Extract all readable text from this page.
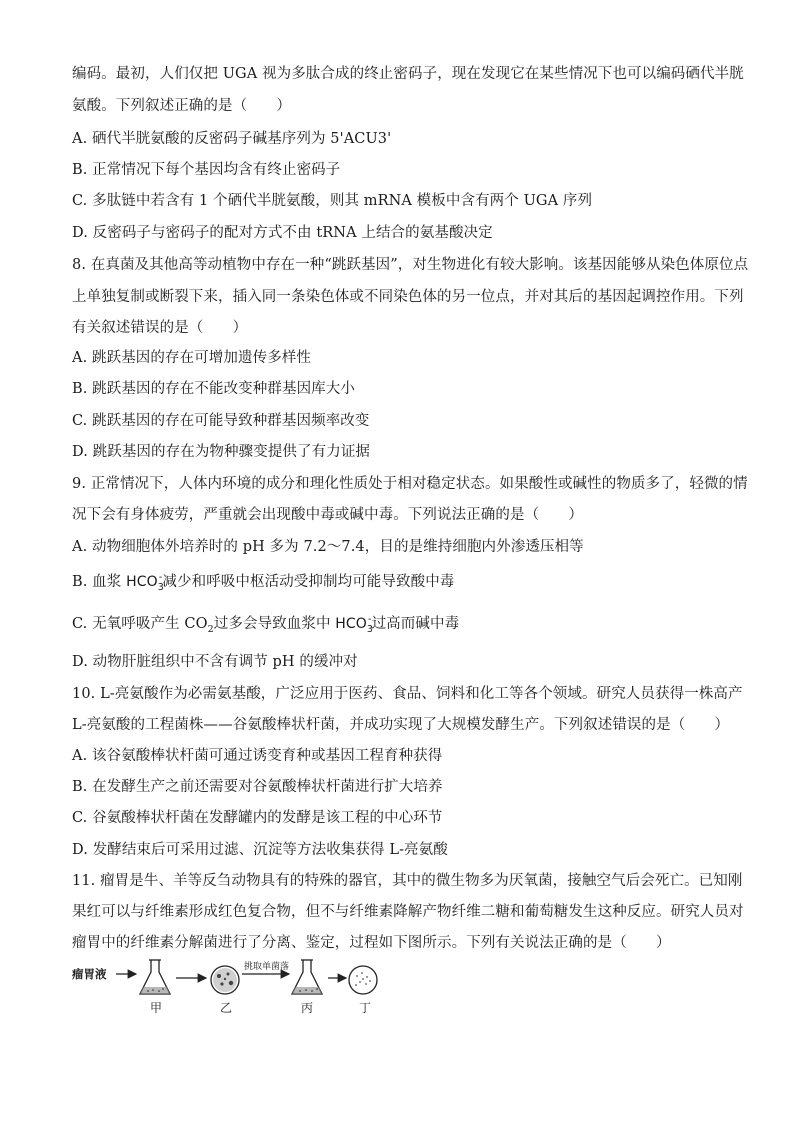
编码。最初，人们仅把 UGA 视为多肽合成的终止密码子，现在发现它在某些情况下也可以编码硒代半胱
氨酸。下列叙述正确的是（　　）
A. 硒代半胱氨酸的反密码子碱基序列为 5'ACU3'
B. 正常情况下每个基因均含有终止密码子
C. 多肽链中若含有 1 个硒代半胱氨酸，则其 mRNA 模板中含有两个 UGA 序列
D. 反密码子与密码子的配对方式不由 tRNA 上结合的氨基酸决定
8. 在真菌及其他高等动植物中存在一种“跳跃基因”，对生物进化有较大影响。该基因能够从染色体原位点
上单独复制或断裂下来，插入同一条染色体或不同染色体的另一位点，并对其后的基因起调控作用。下列
有关叙述错误的是（　　）
A. 跳跃基因的存在可增加遗传多样性
B. 跳跃基因的存在不能改变种群基因库大小
C. 跳跃基因的存在可能导致种群基因频率改变
D. 跳跃基因的存在为物种骤变提供了有力证据
9. 正常情况下，人体内环境的成分和理化性质处于相对稳定状态。如果酸性或碱性的物质多了，轻微的情
况下会有身体疲劳，严重就会出现酸中毒或碱中毒。下列说法正确的是（　　）
A. 动物细胞体外培养时的 pH 多为 7.2～7.4，目的是维持细胞内外渗透压相等
B. 血浆 $HCO_3^-$减少和呼吸中枢活动受抑制均可能导致酸中毒
C. 无氧呼吸产生 $CO_2$过多会导致血浆中 $HCO_3^-$过高而碱中毒
D. 动物肝脏组织中不含有调节 pH 的缓冲对
10. L-亮氨酸作为必需氨基酸，广泛应用于医药、食品、饲料和化工等各个领域。研究人员获得一株高产
L-亮氨酸的工程菌株——谷氨酸棒状杆菌，并成功实现了大规模发酵生产。下列叙述错误的是（　　）
A. 该谷氨酸棒状杆菌可通过诱变育种或基因工程育种获得
B. 在发酵生产之前还需要对谷氨酸棒状杆菌进行扩大培养
C. 谷氨酸棒状杆菌在发酵罐内的发酵是该工程的中心环节
D. 发酵结束后可采用过滤、沉淀等方法收集获得 L-亮氨酸
11. 瘤胃是牛、羊等反刍动物具有的特殊的器官，其中的微生物多为厌氧菌，接触空气后会死亡。已知刚
果红可以与纤维素形成红色复合物，但不与纤维素降解产物纤维二糖和葡萄糖发生这种反应。研究人员对
瘤胃中的纤维素分解菌进行了分离、鉴定，过程如下图所示。下列有关说法正确的是（　　）
瘤胃液
甲	乙
挑取单菌落
丙	丁
